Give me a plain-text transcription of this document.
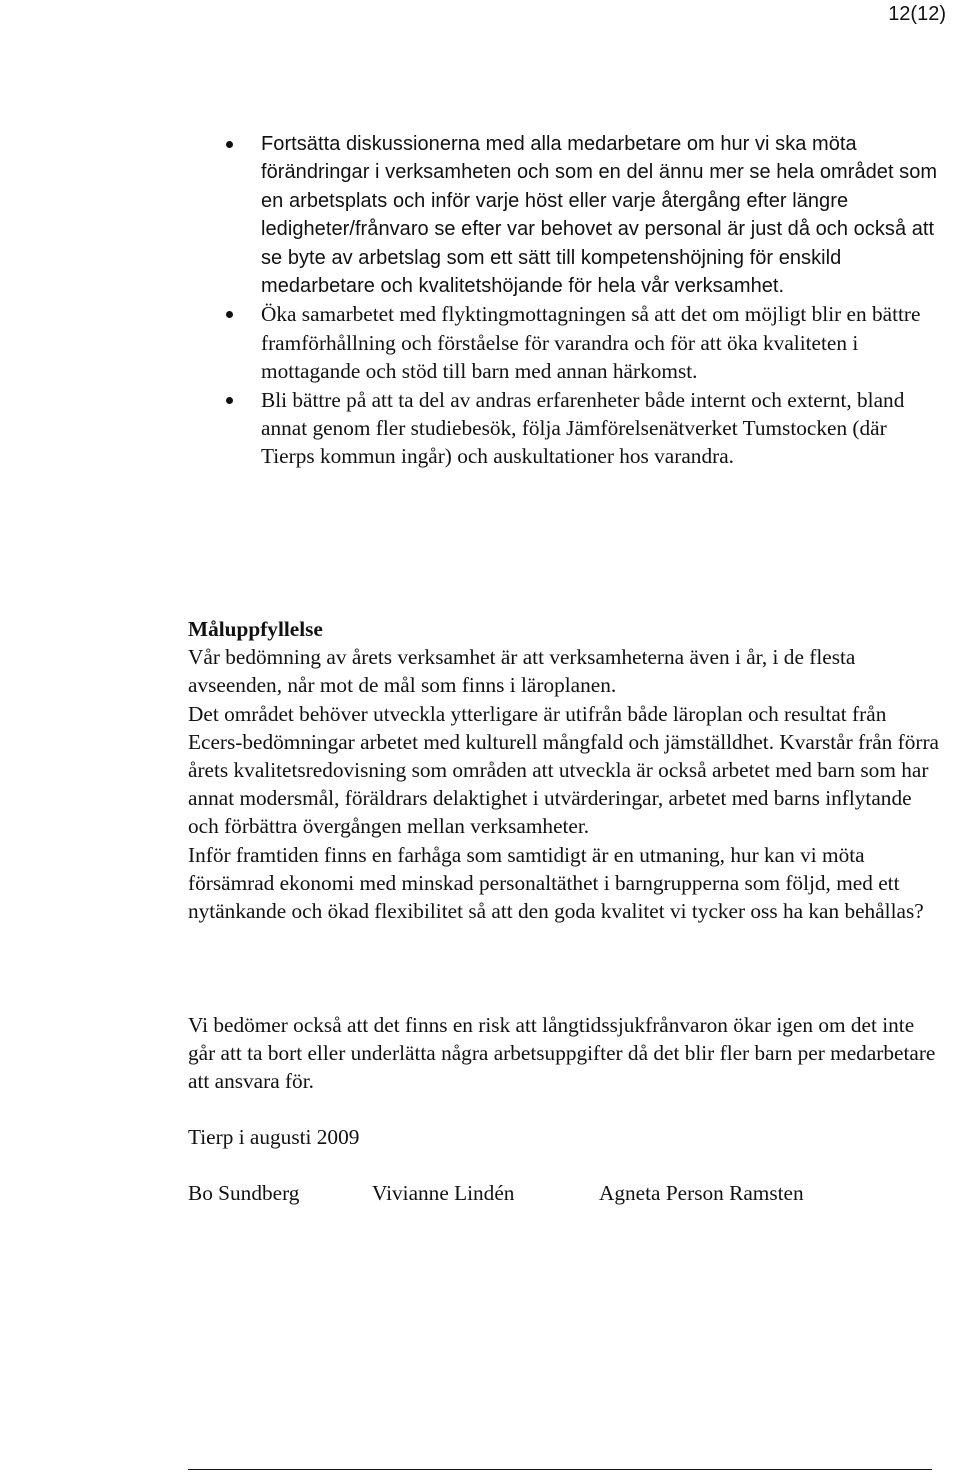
12(12)
Fortsätta diskussionerna med alla medarbetare om hur vi ska möta förändringar i verksamheten och som en del ännu mer se hela området som en arbetsplats och inför varje höst eller varje återgång efter längre ledigheter/frånvaro se efter var behovet av personal är just då och också att se byte av arbetslag som ett sätt till kompetenshöjning för enskild medarbetare och kvalitetshöjande för hela vår verksamhet.
Öka samarbetet med flyktingmottagningen så att det om möjligt blir en bättre framförhållning och förståelse för varandra och för att öka kvaliteten i mottagande och stöd till barn med annan härkomst.
Bli bättre på att ta del av andras erfarenheter både internt och externt, bland annat genom fler studiebesök, följa Jämförelsenätverket Tumstocken (där Tierps kommun ingår) och auskultationer hos varandra.
Måluppfyllelse

Vår bedömning av årets verksamhet är att verksamheterna även i år, i de flesta avseenden, når mot de mål som finns i läroplanen.

Det området behöver utveckla ytterligare är utifrån både läroplan och resultat från Ecers-bedömningar arbetet med kulturell mångfald och jämställdhet. Kvarstår från förra årets kvalitetsredovisning som områden att utveckla är också arbetet med barn som har annat modersmål, föräldrars delaktighet i utvärderingar, arbetet med barns inflytande och förbättra övergången mellan verksamheter.

Inför framtiden finns en farhåga som samtidigt är en utmaning, hur kan vi möta försämrad ekonomi med minskad personaltäthet i barngrupperna som följd, med ett nytänkande och ökad flexibilitet så att den goda kvalitet vi tycker oss ha kan behållas?

Vi bedömer också att det finns en risk att långtidssjukfrånvaron ökar igen om det inte går att ta bort eller underlätta några arbetsuppgifter då det blir fler barn per medarbetare att ansvara för.

Tierp i augusti 2009
Bo Sundberg	Vivianne Lindén	Agneta Person Ramsten
